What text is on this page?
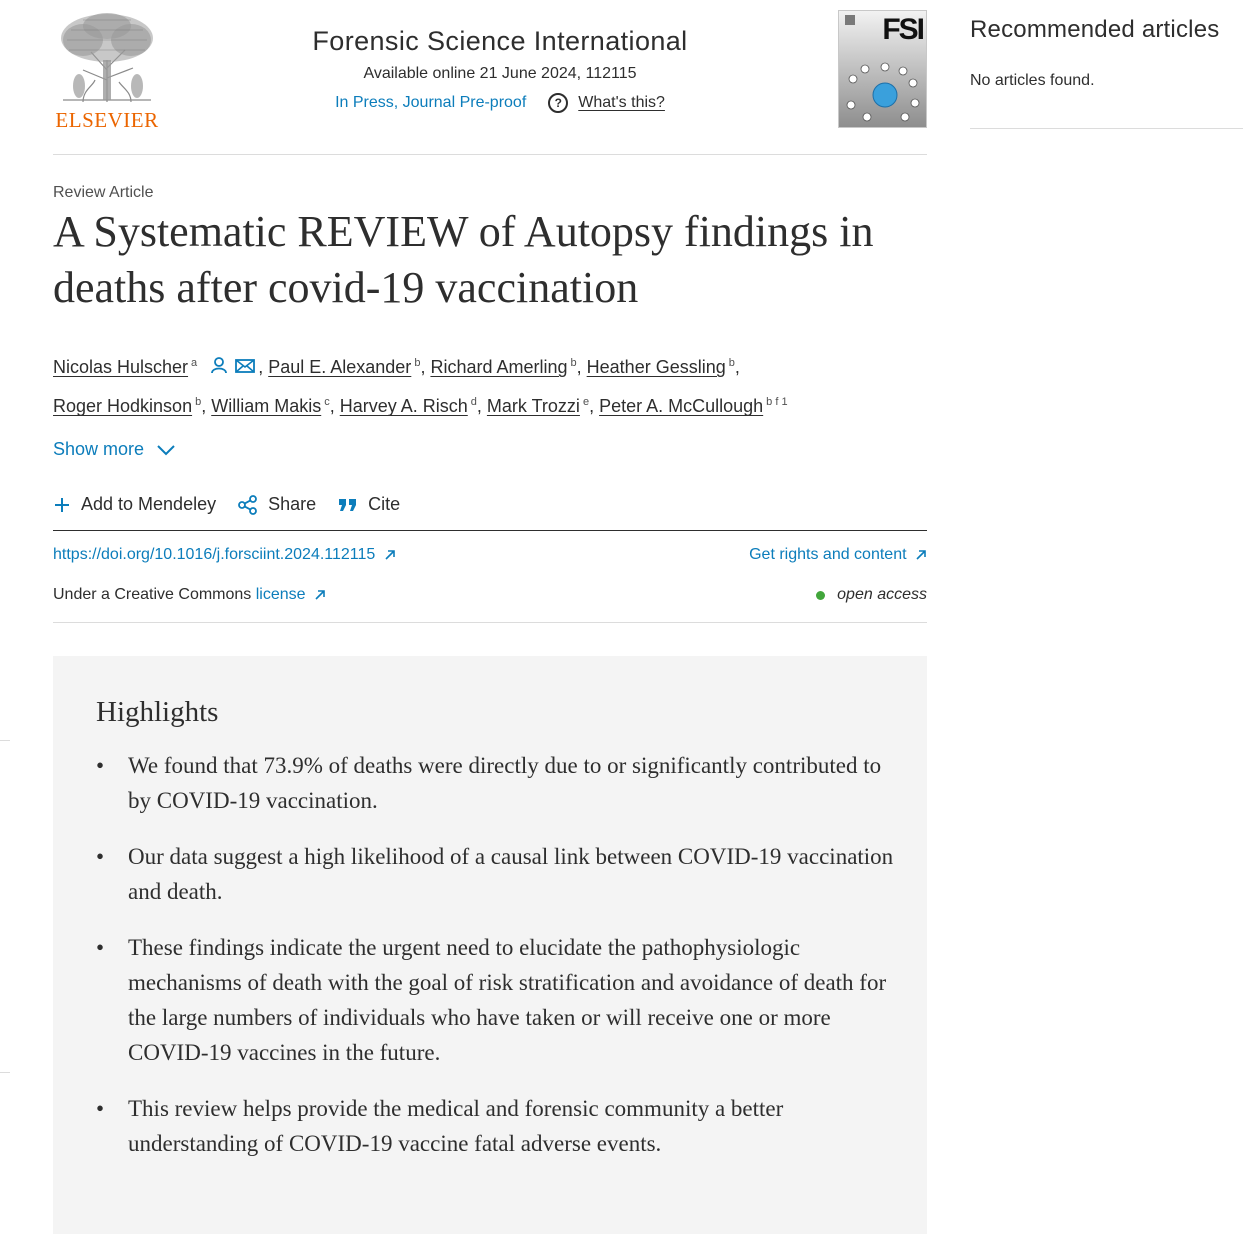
ELSEVIER
Forensic Science International
Available online 21 June 2024, 112115
In Press, Journal Pre-proof	?	What's this?
FSI
Review Article
A Systematic REVIEW of Autopsy findings in deaths after covid-19 vaccination
Nicolas Hulscher $^a$	, Paul E. Alexander $^b$, Richard Amerling $^b$, Heather Gessling $^b$,
Roger Hodkinson $^b$, William Makis $^c$, Harvey A. Risch $^d$, Mark Trozzi $^e$, Peter A. McCullough $^{b f 1}$
Show more
Add to Mendeley	Share	Cite
https://doi.org/10.1016/j.forsciint.2024.112115	Get rights and content
Under a Creative Commons license	open access
Highlights
• We found that 73.9% of deaths were directly due to or significantly contributed to by COVID-19 vaccination.
• Our data suggest a high likelihood of a causal link between COVID-19 vaccination and death.
• These findings indicate the urgent need to elucidate the pathophysiologic mechanisms of death with the goal of risk stratification and avoidance of death for the large numbers of individuals who have taken or will receive one or more COVID-19 vaccines in the future.
• This review helps provide the medical and forensic community a better understanding of COVID-19 vaccine fatal adverse events.
Recommended articles
No articles found.
